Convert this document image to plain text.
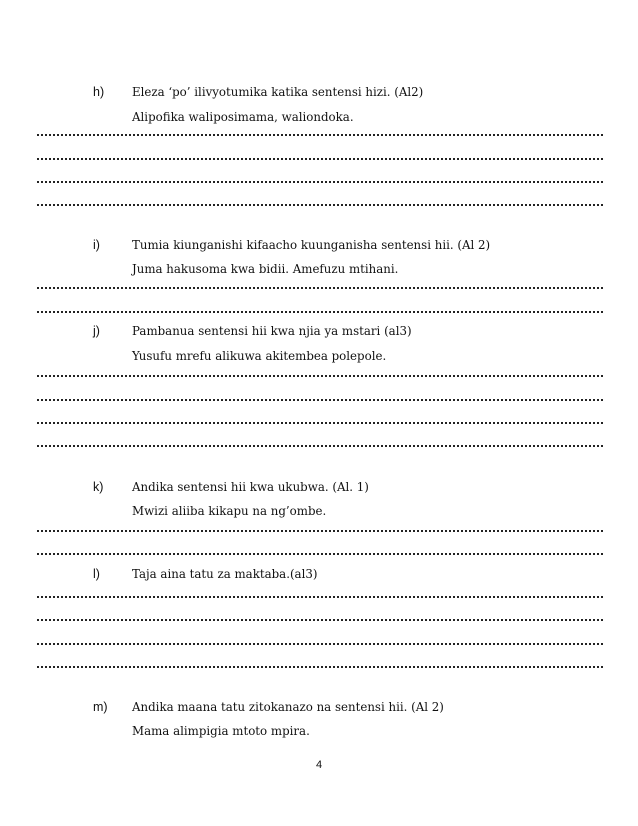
h) Eleza ‘po’ ilivyotumika katika sentensi hizi. (Al2)
Alipofika waliposimama, waliondoka.
i)	Tumia kiunganishi kifaacho kuunganisha sentensi hii. (Al 2)
Juma hakusoma kwa bidii. Amefuzu mtihani.
j)	Pambanua sentensi hii kwa njia ya mstari (al3)
Yusufu mrefu alikuwa akitembea polepole.
k) Andika sentensi hii kwa ukubwa. (Al. 1)
Mwizi aliiba kikapu na ng’ombe.
l)	Taja aina tatu za maktaba.(al3)
m) Andika maana tatu zitokanazo na sentensi hii. (Al 2)
Mama alimpigia mtoto mpira.
4
